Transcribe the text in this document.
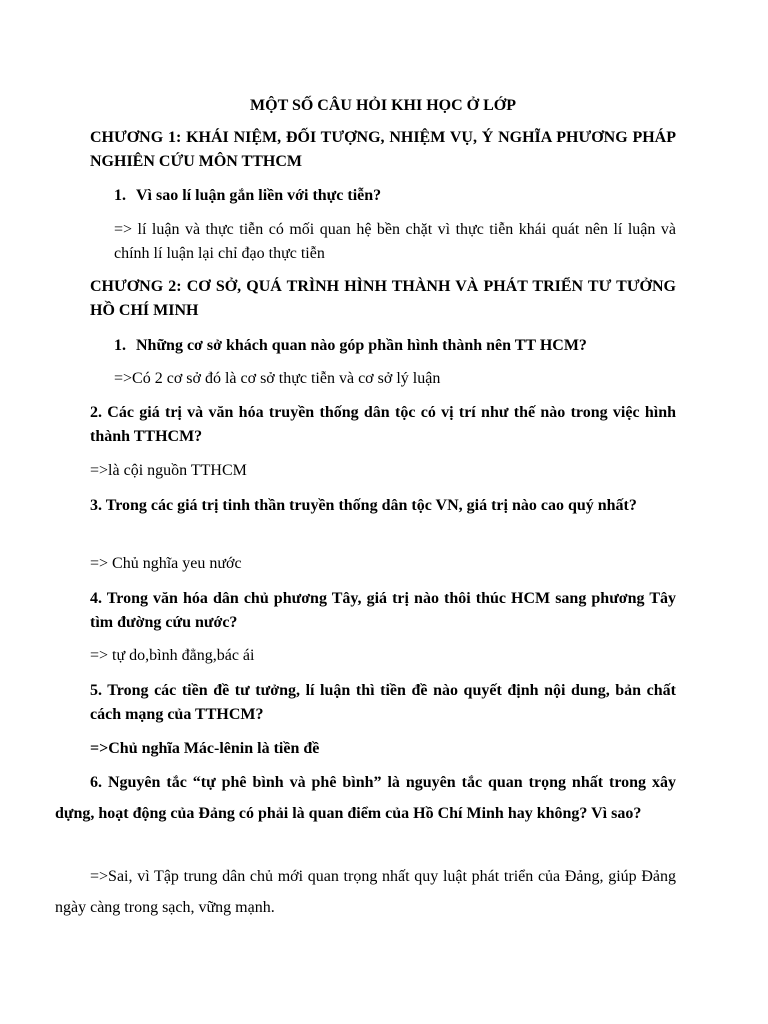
MỘT SỐ CÂU HỎI KHI HỌC Ở LỚP

CHƯƠNG 1: KHÁI NIỆM, ĐỐI TƯỢNG, NHIỆM VỤ, Ý NGHĨA PHƯƠNG PHÁP NGHIÊN CỨU MÔN TTHCM

1. Vì sao lí luận gắn liền với thực tiễn?

=> lí luận và thực tiễn có mối quan hệ bền chặt vì thực tiễn khái quát nên lí luận và chính lí luận lại chỉ đạo thực tiễn

CHƯƠNG 2: CƠ SỞ, QUÁ TRÌNH HÌNH THÀNH VÀ PHÁT TRIỂN TƯ TƯỞNG HỒ CHÍ MINH

1. Những cơ sở khách quan nào góp phần hình thành nên TT HCM?

=>Có 2 cơ sở đó là cơ sở thực tiễn và cơ sở lý luận

2. Các giá trị và văn hóa truyền thống dân tộc có vị trí như thế nào trong việc hình thành TTHCM?

=>là cội nguồn TTHCM

3. Trong các giá trị tinh thần truyền thống dân tộc VN, giá trị nào cao quý nhất?

=> Chủ nghĩa yeu nước

4. Trong văn hóa dân chủ phương Tây, giá trị nào thôi thúc HCM sang phương Tây tìm đường cứu nước?

=> tự do,bình đẳng,bác ái

5. Trong các tiền đề tư tưởng, lí luận thì tiền đề nào quyết định nội dung, bản chất cách mạng của TTHCM?

=>Chủ nghĩa Mác-lênin là tiền đề

6. Nguyên tắc “tự phê bình và phê bình” là nguyên tắc quan trọng nhất trong xây dựng, hoạt động của Đảng có phải là quan điểm của Hồ Chí Minh hay không? Vì sao?

=>Sai, vì Tập trung dân chủ mới quan trọng nhất quy luật phát triển của Đảng, giúp Đảng ngày càng trong sạch, vững mạnh.
